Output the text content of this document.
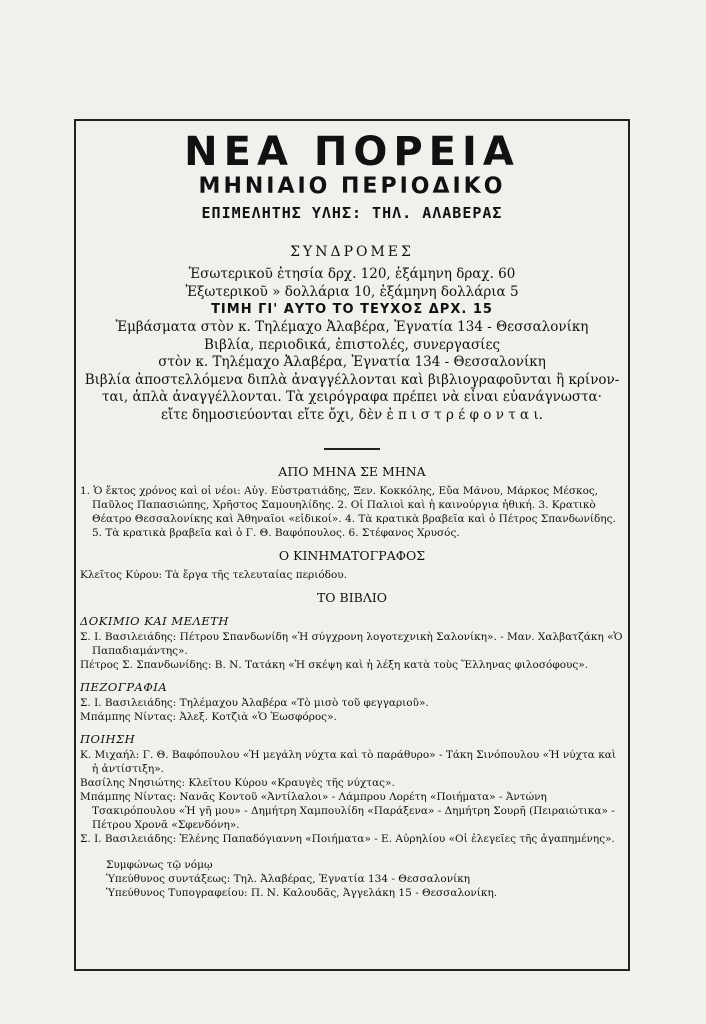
ΝΕΑ ΠΟΡΕΙΑ

ΜΗΝΙΑΙΟ ΠΕΡΙΟΔΙΚΟ

ΕΠΙΜΕΛΗΤΗΣ ΥΛΗΣ: ΤΗΛ. ΑΛΑΒΕΡΑΣ

ΣΥΝΔΡΟΜΕΣ

Ἐσωτερικοῦ ἐτησία δρχ. 120, ἑξάμηνη δραχ. 60

Ἐξωτερικοῦ » δολλάρια 10, ἑξάμηνη δολλάρια 5

ΤΙΜΗ ΓΙ' ΑΥΤΟ ΤΟ ΤΕΥΧΟΣ ΔΡΧ. 15

Ἐμβάσματα στὸν κ. Τηλέμαχο Ἀλαβέρα, Ἐγνατία 134 - Θεσσαλονίκη

Βιβλία, περιοδικά, ἐπιστολές, συνεργασίες

στὸν κ. Τηλέμαχο Ἀλαβέρα, Ἐγνατία 134 - Θεσσαλονίκη

Βιβλία ἀποστελλόμενα διπλὰ ἀναγγέλλονται καὶ βιβλιογραφοῦνται ἢ κρίνον-

ται, ἁπλὰ ἀναγγέλλονται. Τὰ χειρόγραφα πρέπει νὰ εἶναι εὐανάγνωστα·

εἴτε δημοσιεύονται εἴτε ὄχι, δὲν ἐ π ι σ τ ρ έ φ ο ν τ α ι.

ΑΠΟ ΜΗΝΑ ΣΕ ΜΗΝΑ

1. Ὁ ἔκτος χρόνος καὶ οἱ νέοι: Αὐγ. Εὐστρατιάδης, Ξεν. Κοκκόλης, Εὔα Μάνου, Μάρκος Μέσκος, Παῦλος Παπασιώπης, Χρῆστος Σαμουηλίδης. 2. Οἱ Παλιοὶ καὶ ἡ καινούργια ἠθική. 3. Κρατικὸ Θέατρο Θεσσαλονίκης καὶ Ἀθηναῖοι «εἰδικοί». 4. Τὰ κρατικὰ βραβεῖα καὶ ὁ Πέτρος Σπανδωνίδης. 5. Τὰ κρατικὰ βραβεῖα καὶ ὁ Γ. Θ. Βαφόπουλος. 6. Στέφανος Χρυσός.

Ο ΚΙΝΗΜΑΤΟΓΡΑΦΟΣ

Κλεῖτος Κύρου: Τὰ ἔργα τῆς τελευταίας περιόδου.

ΤΟ ΒΙΒΛΙΟ

ΔΟΚΙΜΙΟ ΚΑΙ ΜΕΛΕΤΗ

Σ. Ι. Βασιλειάδης: Πέτρου Σπανδωνίδη «Ἡ σύγχρονη λογοτεχνικὴ Σαλονίκη». - Μαν. Χαλβατζάκη «Ὁ Παπαδιαμάντης».

Πέτρος Σ. Σπανδωνίδης: Β. Ν. Τατάκη «Ἡ σκέψη καὶ ἡ λέξη κατὰ τοὺς Ἕλληνας φιλοσόφους».

ΠΕΖΟΓΡΑΦΙΑ

Σ. Ι. Βασιλειάδης: Τηλέμαχου Ἀλαβέρα «Τὸ μισὸ τοῦ φεγγαριοῦ».

Μπάμπης Νίντας: Ἀλεξ. Κοτζιὰ «Ὁ Ἑωσφόρος».

ΠΟΙΗΣΗ

Κ. Μιχαήλ: Γ. Θ. Βαφόπουλου «Ἡ μεγάλη νύχτα καὶ τὸ παράθυρο» - Τάκη Σινόπουλου «Ἡ νύχτα καὶ ἡ ἀντίστιξη».

Βασίλης Νησιώτης: Κλεῖτου Κύρου «Κραυγὲς τῆς νύχτας».

Μπάμπης Νίντας: Νανᾶς Κοντοῦ «Ἀντίλαλοι» - Λάμπρου Λορέτη «Ποιήματα» - Ἀντώνη Τσακιρόπουλου «Ἡ γῆ μου» - Δημήτρη Χαμπουλίδη «Παράξενα» - Δημήτρη Σουρῆ (Πειραιώτικα» - Πέτρου Χρονᾶ «Σφενδόνη».

Σ. Ι. Βασιλειάδης: Ἑλένης Παπαδόγιαννη «Ποιήματα» - Ε. Αὐρηλίου «Οἱ ἐλεγεῖες τῆς ἀγαπημένης».

Συμφώνως τῷ νόμῳ

Ὑπεύθυνος συντάξεως: Τηλ. Ἀλαβέρας, Ἐγνατία 134 - Θεσσαλονίκη

Ὑπεύθυνος Τυπογραφείου: Π. Ν. Καλουδᾶς, Ἀγγελάκη 15 - Θεσσαλονίκη.
